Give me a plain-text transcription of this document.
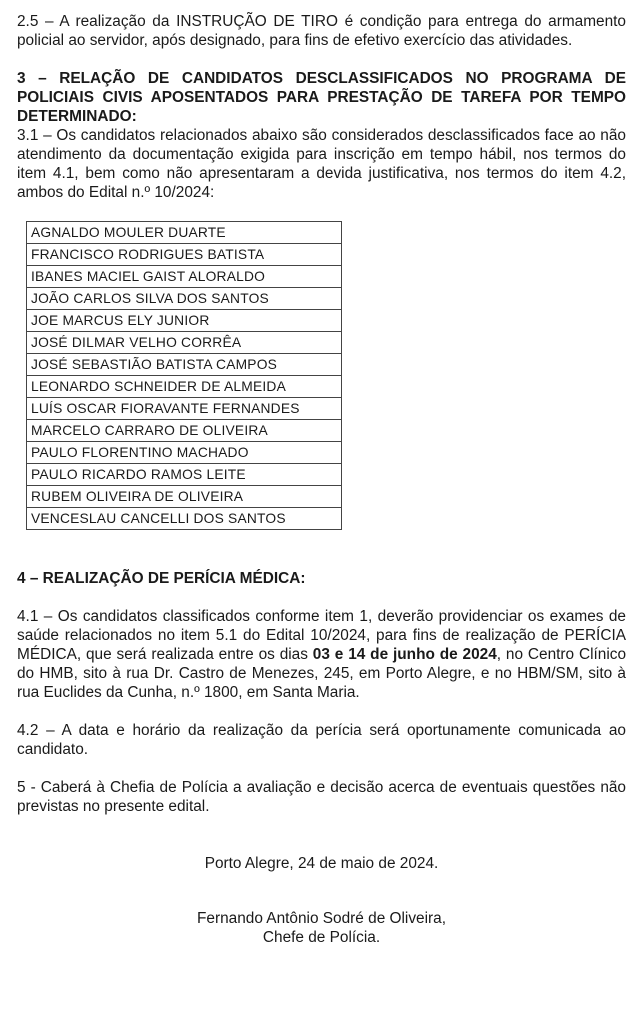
2.5 – A realização da INSTRUÇÃO DE TIRO é condição para entrega do armamento policial ao servidor, após designado, para fins de efetivo exercício das atividades.

3 – RELAÇÃO DE CANDIDATOS DESCLASSIFICADOS NO PROGRAMA DE POLICIAIS CIVIS APOSENTADOS PARA PRESTAÇÃO DE TAREFA POR TEMPO DETERMINADO:

3.1 – Os candidatos relacionados abaixo são considerados desclassificados face ao não atendimento da documentação exigida para inscrição em tempo hábil, nos termos do item 4.1, bem como não apresentaram a devida justificativa, nos termos do item 4.2, ambos do Edital n.º 10/2024:

AGNALDO MOULER DUARTE
FRANCISCO RODRIGUES BATISTA
IBANES MACIEL GAIST ALORALDO
JOÃO CARLOS SILVA DOS SANTOS
JOE MARCUS ELY JUNIOR
JOSÉ DILMAR VELHO CORRÊA
JOSÉ SEBASTIÃO BATISTA CAMPOS
LEONARDO SCHNEIDER DE ALMEIDA
LUÍS OSCAR FIORAVANTE FERNANDES
MARCELO CARRARO DE OLIVEIRA
PAULO FLORENTINO MACHADO
PAULO RICARDO RAMOS LEITE
RUBEM OLIVEIRA DE OLIVEIRA
VENCESLAU CANCELLI DOS SANTOS

4 – REALIZAÇÃO DE PERÍCIA MÉDICA:

4.1 – Os candidatos classificados conforme item 1, deverão providenciar os exames de saúde relacionados no item 5.1 do Edital 10/2024, para fins de realização de PERÍCIA MÉDICA, que será realizada entre os dias 03 e 14 de junho de 2024, no Centro Clínico do HMB, sito à rua Dr. Castro de Menezes, 245, em Porto Alegre, e no HBM/SM, sito à rua Euclides da Cunha, n.º 1800, em Santa Maria.

4.2 – A data e horário da realização da perícia será oportunamente comunicada ao candidato.

5 - Caberá à Chefia de Polícia a avaliação e decisão acerca de eventuais questões não previstas no presente edital.

Porto Alegre, 24 de maio de 2024.

Fernando Antônio Sodré de Oliveira,

Chefe de Polícia.
